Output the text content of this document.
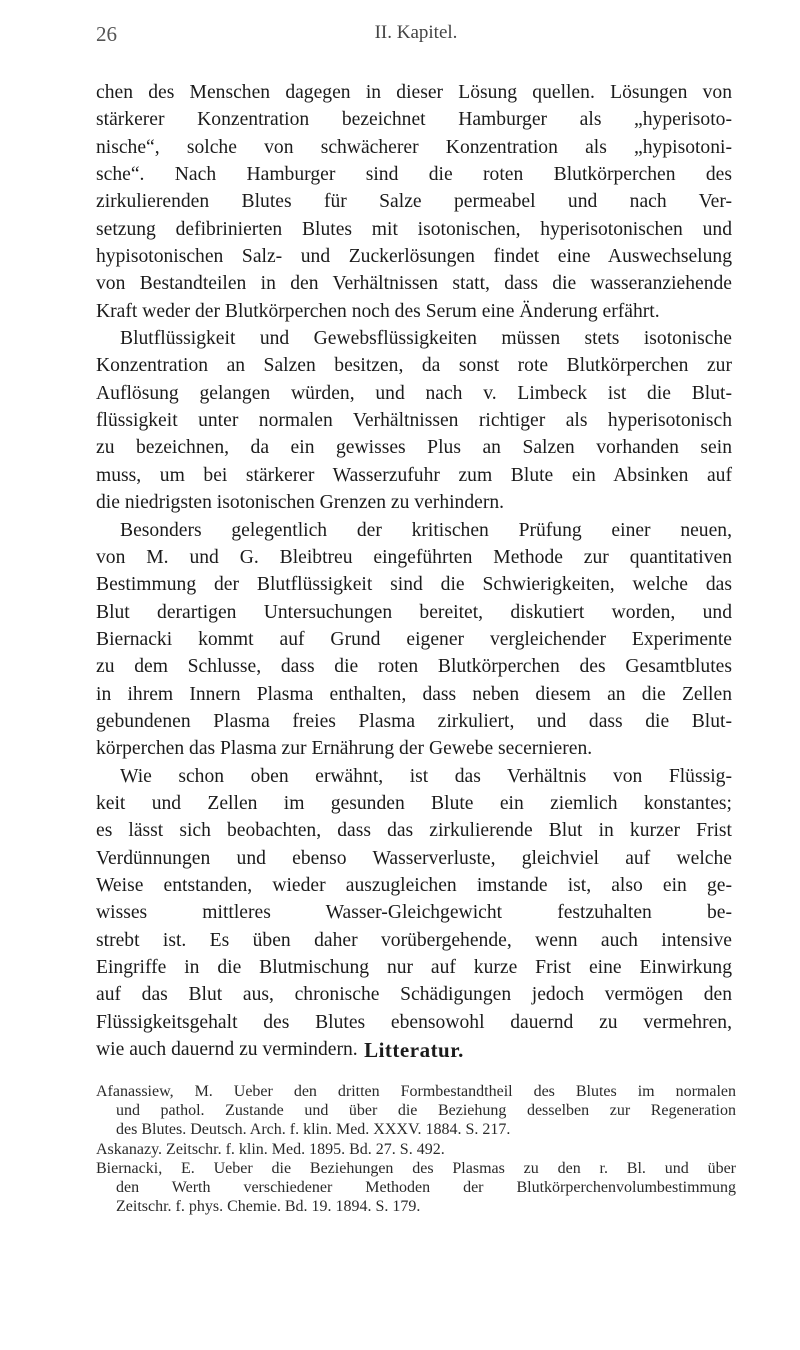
26	II. Kapitel.
chen des Menschen dagegen in dieser Lösung quellen. Lösungen von
stärkerer Konzentration bezeichnet Hamburger als „hyperisoto-
nische“, solche von schwächerer Konzentration als „hypisotoni-
sche“. Nach Hamburger sind die roten Blutkörperchen des
zirkulierenden Blutes für Salze permeabel und nach Ver-
setzung defibrinierten Blutes mit isotonischen, hyperisotonischen und
hypisotonischen Salz- und Zuckerlösungen findet eine Auswechselung
von Bestandteilen in den Verhältnissen statt, dass die wasseranziehende
Kraft weder der Blutkörperchen noch des Serum eine Änderung erfährt.
Blutflüssigkeit und Gewebsflüssigkeiten müssen stets isotonische
Konzentration an Salzen besitzen, da sonst rote Blutkörperchen zur
Auflösung gelangen würden, und nach v. Limbeck ist die Blut-
flüssigkeit unter normalen Verhältnissen richtiger als hyperisotonisch
zu bezeichnen, da ein gewisses Plus an Salzen vorhanden sein
muss, um bei stärkerer Wasserzufuhr zum Blute ein Absinken auf
die niedrigsten isotonischen Grenzen zu verhindern.
Besonders gelegentlich der kritischen Prüfung einer neuen,
von M. und G. Bleibtreu eingeführten Methode zur quantitativen
Bestimmung der Blutflüssigkeit sind die Schwierigkeiten, welche das
Blut derartigen Untersuchungen bereitet, diskutiert worden, und
Biernacki kommt auf Grund eigener vergleichender Experimente
zu dem Schlusse, dass die roten Blutkörperchen des Gesamtblutes
in ihrem Innern Plasma enthalten, dass neben diesem an die Zellen
gebundenen Plasma freies Plasma zirkuliert, und dass die Blut-
körperchen das Plasma zur Ernährung der Gewebe secernieren.
Wie schon oben erwähnt, ist das Verhältnis von Flüssig-
keit und Zellen im gesunden Blute ein ziemlich konstantes;
es lässt sich beobachten, dass das zirkulierende Blut in kurzer Frist
Verdünnungen und ebenso Wasserverluste, gleichviel auf welche
Weise entstanden, wieder auszugleichen imstande ist, also ein ge-
wisses mittleres Wasser-Gleichgewicht festzuhalten be-
strebt ist. Es üben daher vorübergehende, wenn auch intensive
Eingriffe in die Blutmischung nur auf kurze Frist eine Einwirkung
auf das Blut aus, chronische Schädigungen jedoch vermögen den
Flüssigkeitsgehalt des Blutes ebensowohl dauernd zu vermehren,
wie auch dauernd zu vermindern. Litteratur.
Afanassiew, M. Ueber den dritten Formbestandtheil des Blutes im normalen
und pathol. Zustande und über die Beziehung desselben zur Regeneration
des Blutes. Deutsch. Arch. f. klin. Med. XXXV. 1884. S. 217.
Askanazy. Zeitschr. f. klin. Med. 1895. Bd. 27. S. 492.
Biernacki, E. Ueber die Beziehungen des Plasmas zu den r. Bl. und über
den Werth verschiedener Methoden der Blutkörperchenvolumbestimmung
Zeitschr. f. phys. Chemie. Bd. 19. 1894. S. 179.
